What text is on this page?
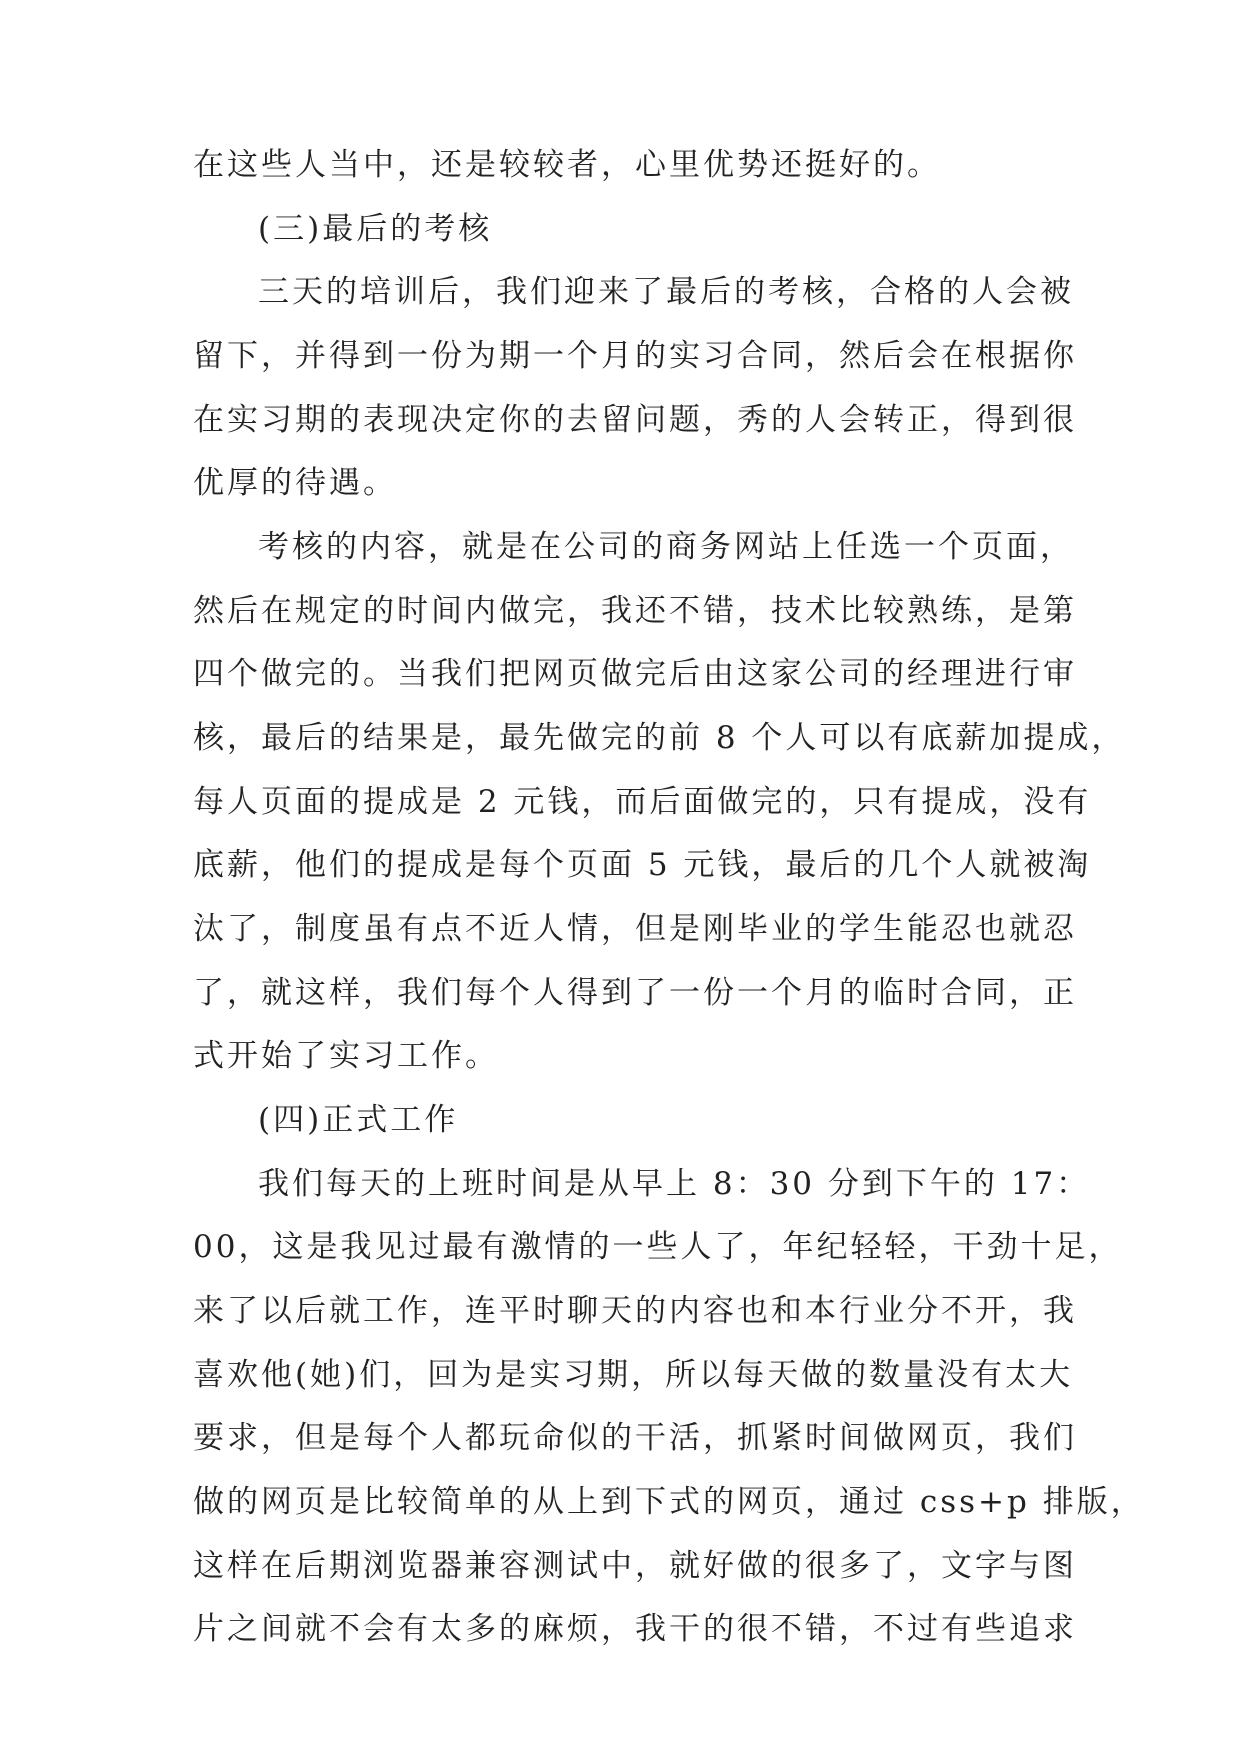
在这些人当中，还是较较者，心里优势还挺好的。

(三)最后的考核

三天的培训后，我们迎来了最后的考核，合格的人会被

留下，并得到一份为期一个月的实习合同，然后会在根据你

在实习期的表现决定你的去留问题，秀的人会转正，得到很

优厚的待遇。

考核的内容，就是在公司的商务网站上任选一个页面，

然后在规定的时间内做完，我还不错，技术比较熟练，是第

四个做完的。当我们把网页做完后由这家公司的经理进行审

核，最后的结果是，最先做完的前 8 个人可以有底薪加提成，

每人页面的提成是 2 元钱，而后面做完的，只有提成，没有

底薪，他们的提成是每个页面 5 元钱，最后的几个人就被淘

汰了，制度虽有点不近人情，但是刚毕业的学生能忍也就忍

了，就这样，我们每个人得到了一份一个月的临时合同，正

式开始了实习工作。

(四)正式工作

我们每天的上班时间是从早上 8：30 分到下午的 17：

00，这是我见过最有激情的一些人了，年纪轻轻，干劲十足，

来了以后就工作，连平时聊天的内容也和本行业分不开，我

喜欢他(她)们，回为是实习期，所以每天做的数量没有太大

要求，但是每个人都玩命似的干活，抓紧时间做网页，我们

做的网页是比较简单的从上到下式的网页，通过 css+p 排版，

这样在后期浏览器兼容测试中，就好做的很多了，文字与图

片之间就不会有太多的麻烦，我干的很不错，不过有些追求
